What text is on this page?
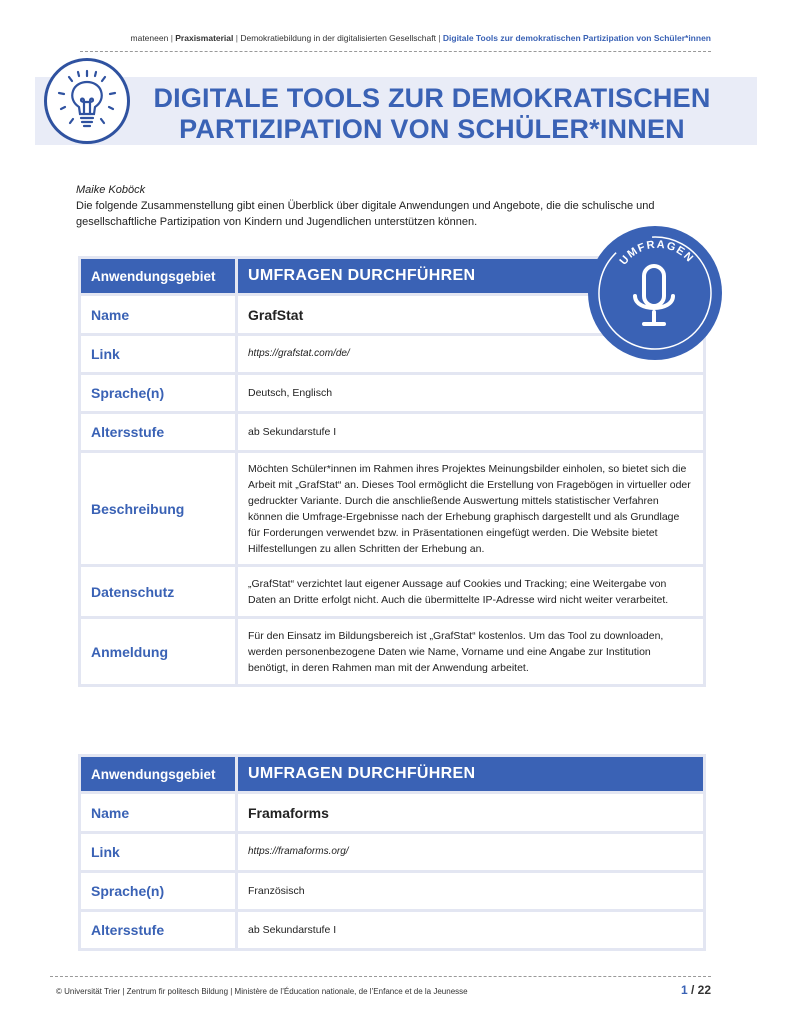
mateneen | Praxismaterial | Demokratiebildung in der digitalisierten Gesellschaft | Digitale Tools zur demokratischen Partizipation von Schüler*innen
DIGITALE TOOLS ZUR DEMOKRATISCHEN
PARTIZIPATION VON SCHÜLER*INNEN
Maike Koböck
Die folgende Zusammenstellung gibt einen Überblick über digitale Anwendungen und Angebote, die die schulische und gesellschaftliche Partizipation von Kindern und Jugendlichen unterstützen können.
Anwendungsgebiet	UMFRAGEN DURCHFÜHREN
Name	GrafStat
Link	https://grafstat.com/de/
Sprache(n)	Deutsch, Englisch
Altersstufe	ab Sekundarstufe I
Beschreibung	Möchten Schüler*innen im Rahmen ihres Projektes Meinungsbilder einholen, so bietet sich die Arbeit mit „GrafStat“ an. Dieses Tool ermöglicht die Erstellung von Fragebögen in virtueller oder gedruckter Variante. Durch die anschließende Auswertung mittels statistischer Verfahren können die Umfrage-Ergebnisse nach der Erhebung graphisch dargestellt und als Grundlage für Forderungen verwendet bzw. in Präsentationen eingefügt werden. Die Website bietet Hilfestellungen zu allen Schritten der Erhebung an.
Datenschutz	„GrafStat“ verzichtet laut eigener Aussage auf Cookies und Tracking; eine Weitergabe von Daten an Dritte erfolgt nicht. Auch die übermittelte IP-Adresse wird nicht weiter verarbeitet.
Anmeldung	Für den Einsatz im Bildungsbereich ist „GrafStat“ kostenlos. Um das Tool zu downloaden, werden personenbezogene Daten wie Name, Vorname und eine Angabe zur Institution benötigt, in deren Rahmen man mit der Anwendung arbeitet.
UMFRAGEN
Anwendungsgebiet	UMFRAGEN DURCHFÜHREN
Name	Framaforms
Link	https://framaforms.org/
Sprache(n)	Französisch
Altersstufe	ab Sekundarstufe I
© Universität Trier | Zentrum fir politesch Bildung | Ministère de l’Éducation nationale, de l’Enfance et de la Jeunesse	1 / 22
